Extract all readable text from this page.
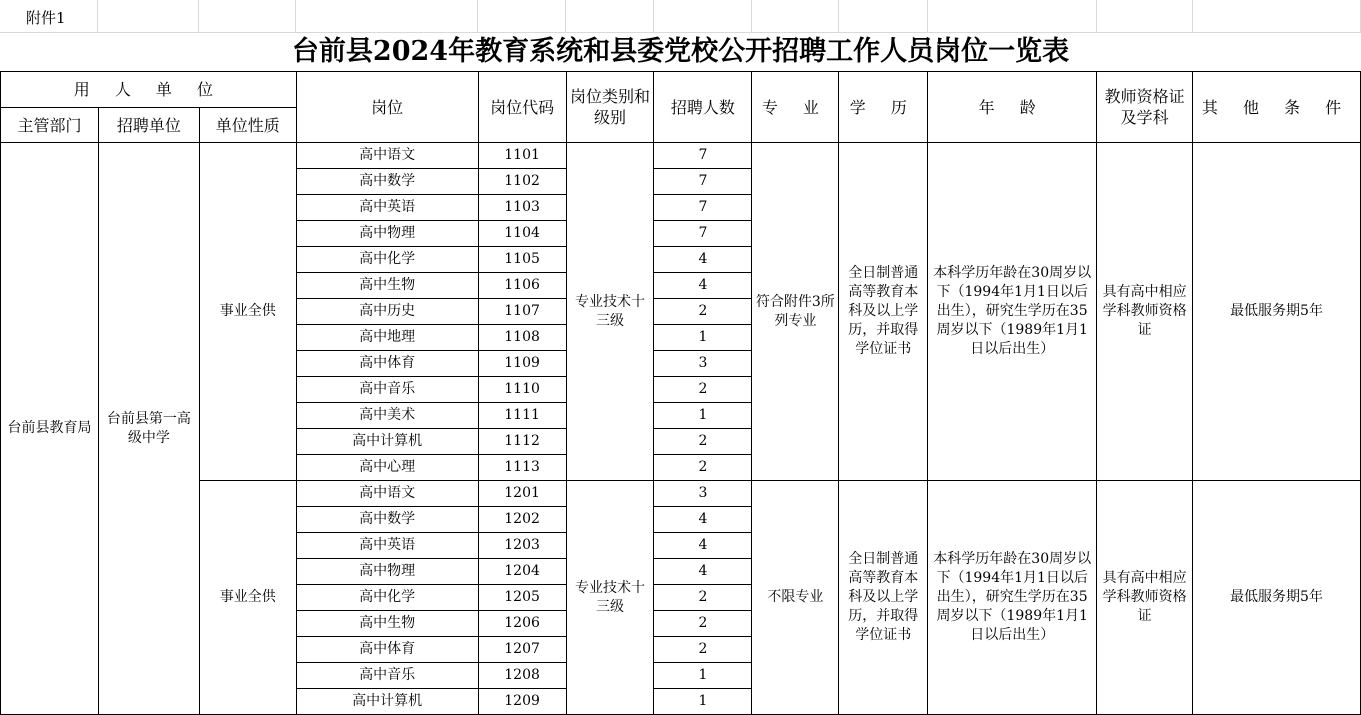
附件1
台前县2024年教育系统和县委党校公开招聘工作人员岗位一览表
用 人 单 位			岗位	岗位代码	岗位类别和级别	招聘人数	专 业	学 历	年 龄	教师资格证及学科	其 他 条 件
主管部门	招聘单位	单位性质									
台前县教育局	台前县第一高级中学	事业全供	高中语文	1101	专业技术十三级	7	符合附件3所列专业	全日制普通高等教育本科及以上学历，并取得学位证书	本科学历年龄在30周岁以下（1994年1月1日以后出生），研究生学历在35周岁以下（1989年1月1日以后出生）	具有高中相应学科教师资格证	最低服务期5年
			高中数学	1102		7					
			高中英语	1103		7					
			高中物理	1104		7					
			高中化学	1105		4					
			高中生物	1106		4					
			高中历史	1107		2					
			高中地理	1108		1					
			高中体育	1109		3					
			高中音乐	1110		2					
			高中美术	1111		1					
			高中计算机	1112		2					
			高中心理	1113		2					
		事业全供	高中语文	1201	专业技术十三级	3	不限专业	全日制普通高等教育本科及以上学历，并取得学位证书	本科学历年龄在30周岁以下（1994年1月1日以后出生），研究生学历在35周岁以下（1989年1月1日以后出生）	具有高中相应学科教师资格证	最低服务期5年
			高中数学	1202		4					
			高中英语	1203		4					
			高中物理	1204		4					
			高中化学	1205		2					
			高中生物	1206		2					
			高中体育	1207		2					
			高中音乐	1208		1					
			高中计算机	1209		1					
